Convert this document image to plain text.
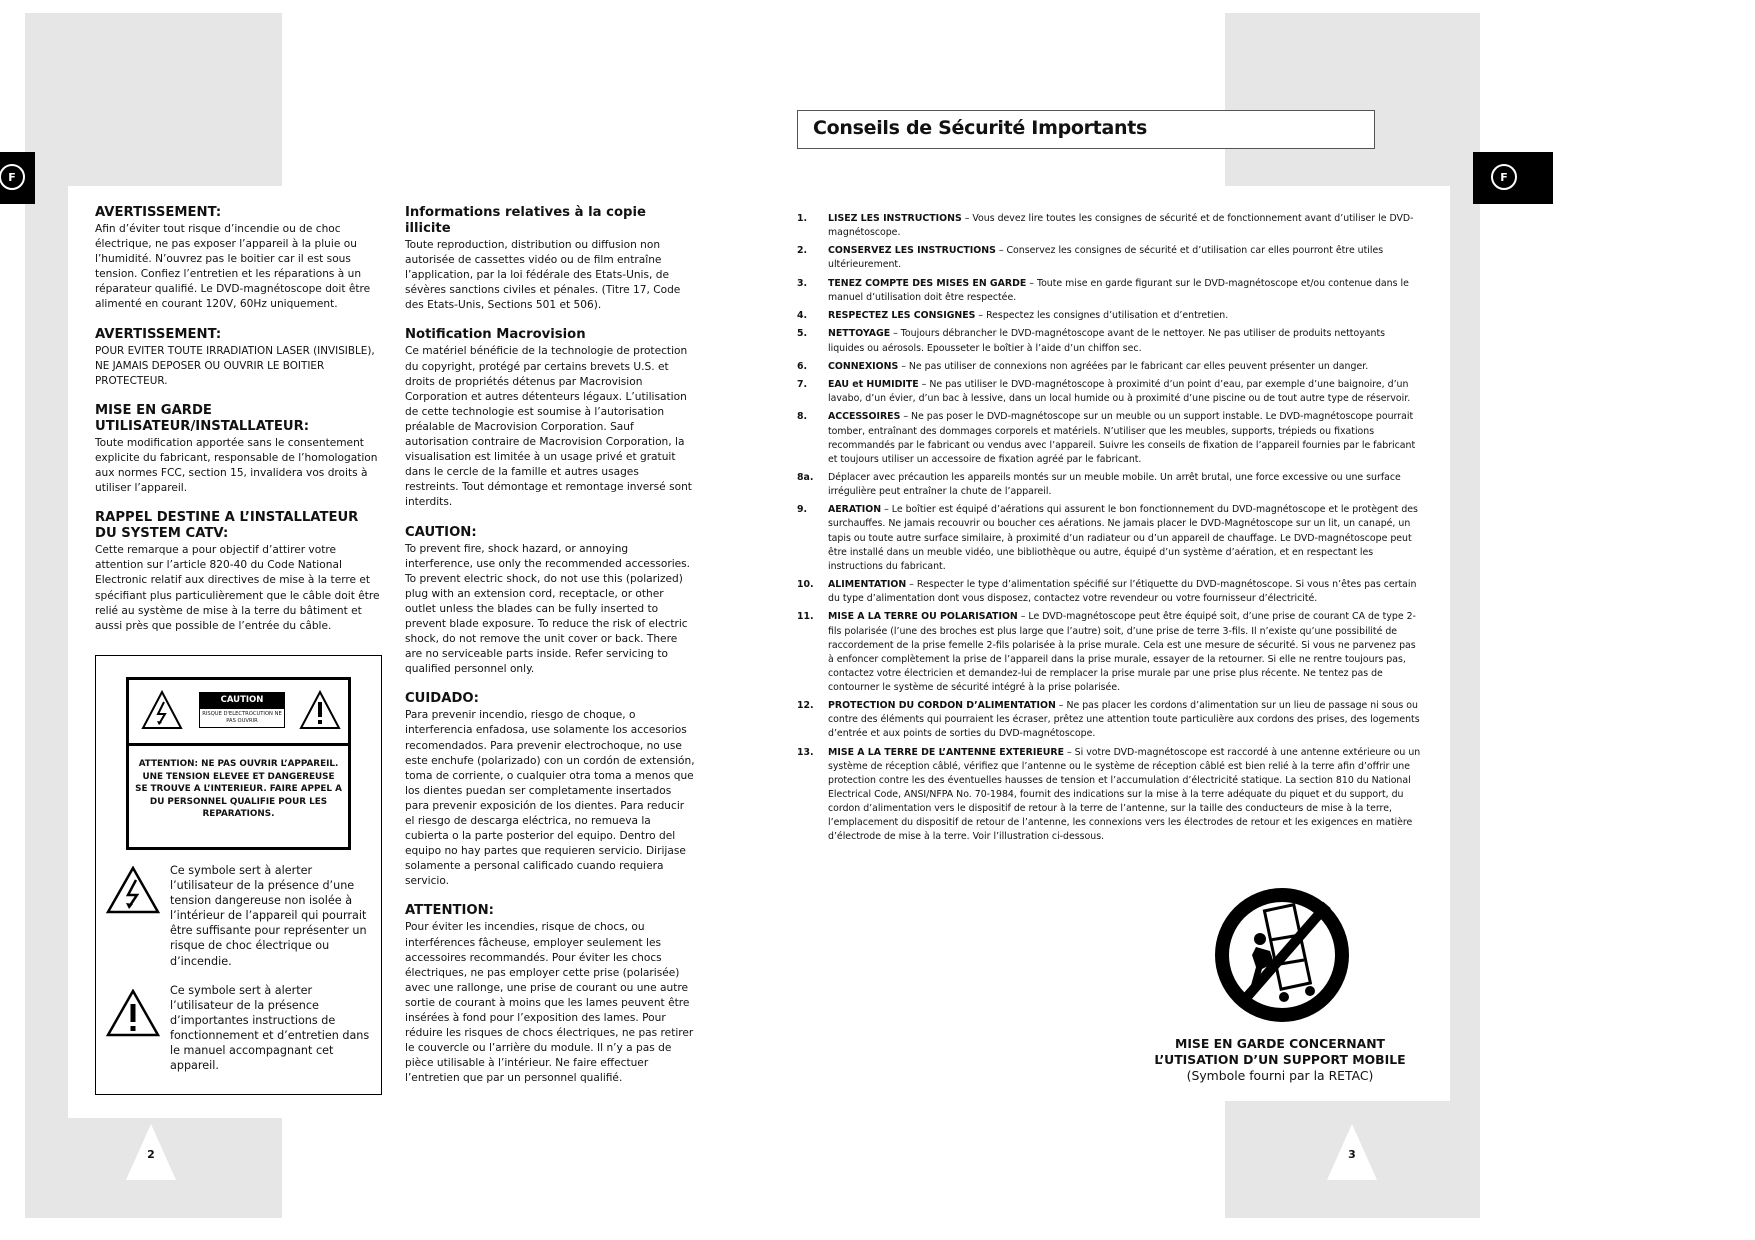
F
AVERTISSEMENT:

Afin d’éviter tout risque d’incendie ou de choc électrique, ne pas exposer l’appareil à la pluie ou l’humidité. N’ouvrez pas le boitier car il est sous tension. Confiez l’entretien et les réparations à un réparateur qualifié. Le DVD-magnétoscope doit être alimenté en courant 120V, 60Hz uniquement.

AVERTISSEMENT:

POUR EVITER TOUTE IRRADIATION LASER (INVISIBLE), NE JAMAIS DEPOSER OU OUVRIR LE BOITIER PROTECTEUR.

MISE EN GARDE UTILISATEUR/INSTALLATEUR:

Toute modification apportée sans le consentement explicite du fabricant, responsable de l’homologation aux normes FCC, section 15, invalidera vos droits à utiliser l’appareil.

RAPPEL DESTINE A L’INSTALLATEUR DU SYSTEM CATV:

Cette remarque a pour objectif d’attirer votre attention sur l’article 820-40 du Code National Electronic relatif aux directives de mise à la terre et spécifiant plus particulièrement que le câble doit être relié au système de mise à la terre du bâtiment et aussi près que possible de l’entrée du câble.

CAUTION
RISQUE D'ELECTROCUTION NE PAS OUVRIR
ATTENTION: NE PAS OUVRIR L’APPAREIL. UNE TENSION ELEVEE ET DANGEREUSE SE TROUVE A L’INTERIEUR. FAIRE APPEL A DU PERSONNEL QUALIFIE POUR LES REPARATIONS.

Ce symbole sert à alerter l’utilisateur de la présence d’une tension dangereuse non isolée à l’intérieur de l’appareil qui pourrait être suffisante pour représenter un risque de choc électrique ou d’incendie.

Ce symbole sert à alerter l’utilisateur de la présence d’importantes instructions de fonctionnement et d’entretien dans le manuel accompagnant cet appareil.

Informations relatives à la copie illicite

Toute reproduction, distribution ou diffusion non autorisée de cassettes vidéo ou de film entraîne l’application, par la loi fédérale des Etats-Unis, de sévères sanctions civiles et pénales. (Titre 17, Code des Etats-Unis, Sections 501 et 506).

Notification Macrovision

Ce matériel bénéficie de la technologie de protection du copyright, protégé par certains brevets U.S. et droits de propriétés détenus par Macrovision Corporation et autres détenteurs légaux. L’utilisation de cette technologie est soumise à l’autorisation préalable de Macrovision Corporation. Sauf autorisation contraire de Macrovision Corporation, la visualisation est limitée à un usage privé et gratuit dans le cercle de la famille et autres usages restreints. Tout démontage et remontage inversé sont interdits.

CAUTION:

To prevent fire, shock hazard, or annoying interference, use only the recommended accessories. To prevent electric shock, do not use this (polarized) plug with an extension cord, receptacle, or other outlet unless the blades can be fully inserted to prevent blade exposure. To reduce the risk of electric shock, do not remove the unit cover or back. There are no serviceable parts inside. Refer servicing to qualified personnel only.

CUIDADO:

Para prevenir incendio, riesgo de choque, o interferencia enfadosa, use solamente los accesorios recomendados. Para prevenir electrochoque, no use este enchufe (polarizado) con un cordón de extensión, toma de corriente, o cualquier otra toma a menos que los dientes puedan ser completamente insertados para prevenir exposición de los dientes. Para reducir el riesgo de descarga eléctrica, no remueva la cubierta o la parte posterior del equipo. Dentro del equipo no hay partes que requieren servicio. Dirijase solamente a personal calificado cuando requiera servicio.

ATTENTION:

Pour éviter les incendies, risque de chocs, ou interférences fâcheuse, employer seulement les accessoires recommandés. Pour éviter les chocs électriques, ne pas employer cette prise (polarisée) avec une rallonge, une prise de courant ou une autre sortie de courant à moins que les lames peuvent être insérées à fond pour l’exposition des lames. Pour réduire les risques de chocs électriques, ne pas retirer le couvercle ou l’arrière du module. Il n’y a pas de pièce utilisable à l’intérieur. Ne faire effectuer l’entretien que par un personnel qualifié.

2
Conseils de Sécurité Importants
F
1. LISEZ LES INSTRUCTIONS – Vous devez lire toutes les consignes de sécurité et de fonctionnement avant d’utiliser le DVD-magnétoscope.
2. CONSERVEZ LES INSTRUCTIONS – Conservez les consignes de sécurité et d’utilisation car elles pourront être utiles ultérieurement.
3. TENEZ COMPTE DES MISES EN GARDE – Toute mise en garde figurant sur le DVD-magnétoscope et/ou contenue dans le manuel d’utilisation doit être respectée.
4. RESPECTEZ LES CONSIGNES – Respectez les consignes d’utilisation et d’entretien.
5. NETTOYAGE – Toujours débrancher le DVD-magnétoscope avant de le nettoyer. Ne pas utiliser de produits nettoyants liquides ou aérosols. Epousseter le boîtier à l’aide d’un chiffon sec.
6. CONNEXIONS – Ne pas utiliser de connexions non agréées par le fabricant car elles peuvent présenter un danger.
7. EAU et HUMIDITE – Ne pas utiliser le DVD-magnétoscope à proximité d’un point d’eau, par exemple d’une baignoire, d’un lavabo, d’un évier, d’un bac à lessive, dans un local humide ou à proximité d’une piscine ou de tout autre type de réservoir.
8. ACCESSOIRES – Ne pas poser le DVD-magnétoscope sur un meuble ou un support instable. Le DVD-magnétoscope pourrait tomber, entraînant des dommages corporels et matériels. N’utiliser que les meubles, supports, trépieds ou fixations recommandés par le fabricant ou vendus avec l’appareil. Suivre les conseils de fixation de l’appareil fournies par le fabricant et toujours utiliser un accessoire de fixation agréé par le fabricant.
8a. Déplacer avec précaution les appareils montés sur un meuble mobile. Un arrêt brutal, une force excessive ou une surface irrégulière peut entraîner la chute de l’appareil.
9. AERATION – Le boîtier est équipé d’aérations qui assurent le bon fonctionnement du DVD-magnétoscope et le protègent des surchauffes. Ne jamais recouvrir ou boucher ces aérations. Ne jamais placer le DVD-Magnétoscope sur un lit, un canapé, un tapis ou toute autre surface similaire, à proximité d’un radiateur ou d’un appareil de chauffage. Le DVD-magnétoscope peut être installé dans un meuble vidéo, une bibliothèque ou autre, équipé d’un système d’aération, et en respectant les instructions du fabricant.
10. ALIMENTATION – Respecter le type d’alimentation spécifié sur l’étiquette du DVD-magnétoscope. Si vous n’êtes pas certain du type d’alimentation dont vous disposez, contactez votre revendeur ou votre fournisseur d’électricité.
11. MISE A LA TERRE OU POLARISATION – Le DVD-magnétoscope peut être équipé soit, d’une prise de courant CA de type 2-fils polarisée (l’une des broches est plus large que l’autre) soit, d’une prise de terre 3-fils. Il n’existe qu’une possibilité de raccordement de la prise femelle 2-fils polarisée à la prise murale. Cela est une mesure de sécurité. Si vous ne parvenez pas à enfoncer complètement la prise de l’appareil dans la prise murale, essayer de la retourner. Si elle ne rentre toujours pas, contactez votre électricien et demandez-lui de remplacer la prise murale par une prise plus récente. Ne tentez pas de contourner le système de sécurité intégré à la prise polarisée.
12. PROTECTION DU CORDON D’ALIMENTATION – Ne pas placer les cordons d’alimentation sur un lieu de passage ni sous ou contre des éléments qui pourraient les écraser, prêtez une attention toute particulière aux cordons des prises, des logements d’entrée et aux points de sorties du DVD-magnétoscope.
13. MISE A LA TERRE DE L’ANTENNE EXTERIEURE – Si votre DVD-magnétoscope est raccordé à une antenne extérieure ou un système de réception câblé, vérifiez que l’antenne ou le système de réception câblé est bien relié à la terre afin d’offrir une protection contre les des éventuelles hausses de tension et l’accumulation d’électricité statique. La section 810 du National Electrical Code, ANSI/NFPA No. 70-1984, fournit des indications sur la mise à la terre adéquate du piquet et du support, du cordon d’alimentation vers le dispositif de retour à la terre de l’antenne, sur la taille des conducteurs de mise à la terre, l’emplacement du dispositif de retour de l’antenne, les connexions vers les électrodes de retour et les exigences en matière d’électrode de mise à la terre. Voir l’illustration ci-dessous.
MISE EN GARDE CONCERNANT
L’UTISATION D’UN SUPPORT MOBILE
(Symbole fourni par la RETAC)
3
